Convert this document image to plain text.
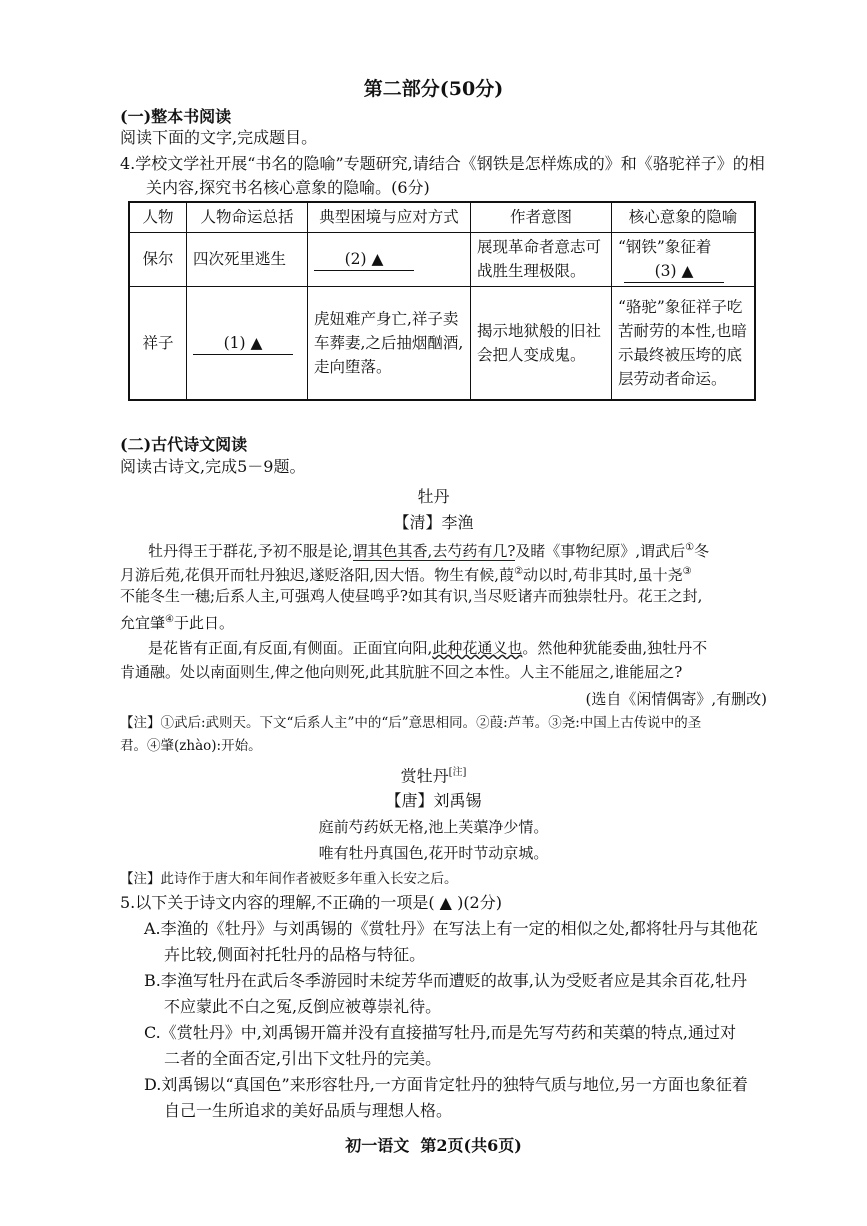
第二部分(50分)
(一)整本书阅读
阅读下面的文字,完成题目。
4.学校文学社开展“书名的隐喻”专题研究,请结合《钢铁是怎样炼成的》和《骆驼祥子》的相
关内容,探究书名核心意象的隐喻。(6分)
人物	人物命运总括	典型困境与应对方式	作者意图	核心意象的隐喻
保尔	四次死里逃生	(2) ▲	展现革命者意志可战胜生理极限。	“钢铁”象征着
(3) ▲
祥子	(1) ▲	虎妞难产身亡,祥子卖车葬妻,之后抽烟酗酒,走向堕落。	揭示地狱般的旧社会把人变成鬼。	“骆驼”象征祥子吃苦耐劳的本性,也暗示最终被压垮的底层劳动者命运。
(二)古代诗文阅读
阅读古诗文,完成5－9题。
牡丹
【清】李渔
牡丹得王于群花,予初不服是论,谓其色其香,去芍药有几?及睹《事物纪原》,谓武后①冬
月游后苑,花俱开而牡丹独迟,遂贬洛阳,因大悟。物生有候,葭②动以时,苟非其时,虽十尧③
不能冬生一穗;后系人主,可强鸡人使昼鸣乎?如其有识,当尽贬诸卉而独崇牡丹。花王之封,
允宜肇④于此日。
是花皆有正面,有反面,有侧面。正面宜向阳,此种花通义也。然他种犹能委曲,独牡丹不
肯通融。处以南面则生,俾之他向则死,此其肮脏不回之本性。人主不能屈之,谁能屈之?
(选自《闲情偶寄》,有删改)
【注】①武后:武则天。下文“后系人主”中的“后”意思相同。②葭:芦苇。③尧:中国上古传说中的圣
君。④肇(zhào):开始。
赏牡丹[注]
【唐】刘禹锡
庭前芍药妖无格,池上芙蕖净少情。
唯有牡丹真国色,花开时节动京城。
【注】此诗作于唐大和年间作者被贬多年重入长安之后。
5.以下关于诗文内容的理解,不正确的一项是( ▲ )(2分)
A.李渔的《牡丹》与刘禹锡的《赏牡丹》在写法上有一定的相似之处,都将牡丹与其他花
卉比较,侧面衬托牡丹的品格与特征。
B.李渔写牡丹在武后冬季游园时未绽芳华而遭贬的故事,认为受贬者应是其余百花,牡丹
不应蒙此不白之冤,反倒应被尊崇礼待。
C.《赏牡丹》中,刘禹锡开篇并没有直接描写牡丹,而是先写芍药和芙蕖的特点,通过对
二者的全面否定,引出下文牡丹的完美。
D.刘禹锡以“真国色”来形容牡丹,一方面肯定牡丹的独特气质与地位,另一方面也象征着
自己一生所追求的美好品质与理想人格。
初一语文  第2页(共6页)
